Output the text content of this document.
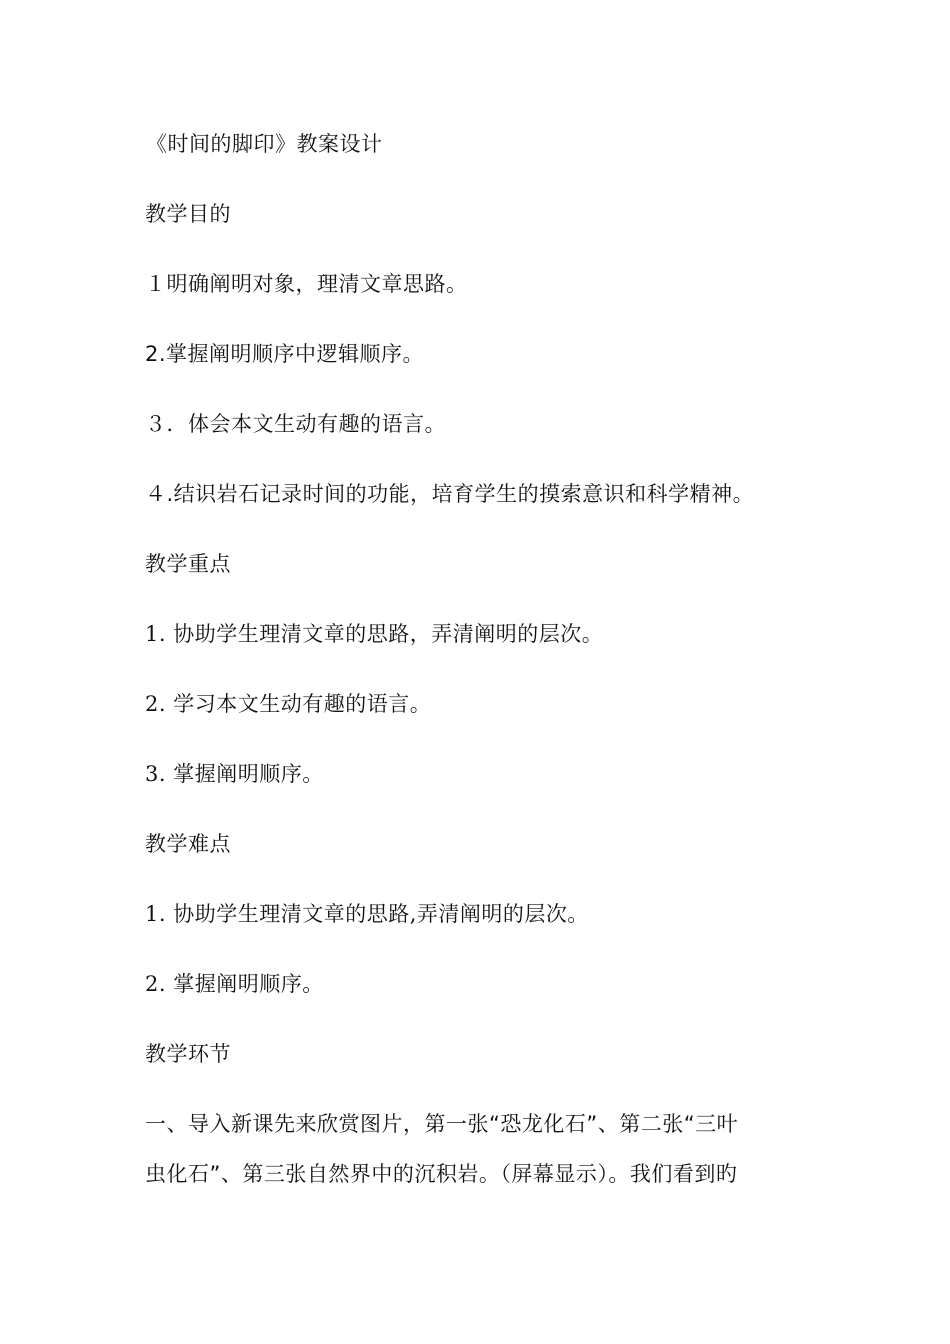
《时间的脚印》教案设计
教学目的
１明确阐明对象，理清文章思路。
2.掌握阐明顺序中逻辑顺序。
３．体会本文生动有趣的语言。
４.结识岩石记录时间的功能，培育学生的摸索意识和科学精神。
教学重点
1. 协助学生理清文章的思路，弄清阐明的层次。
2. 学习本文生动有趣的语言。
3. 掌握阐明顺序。
教学难点
1. 协助学生理清文章的思路,弄清阐明的层次。
2. 掌握阐明顺序。
教学环节
一、导入新课先来欣赏图片，第一张“恐龙化石”、第二张“三叶
虫化石”、第三张自然界中的沉积岩。（屏幕显示）。我们看到旳
